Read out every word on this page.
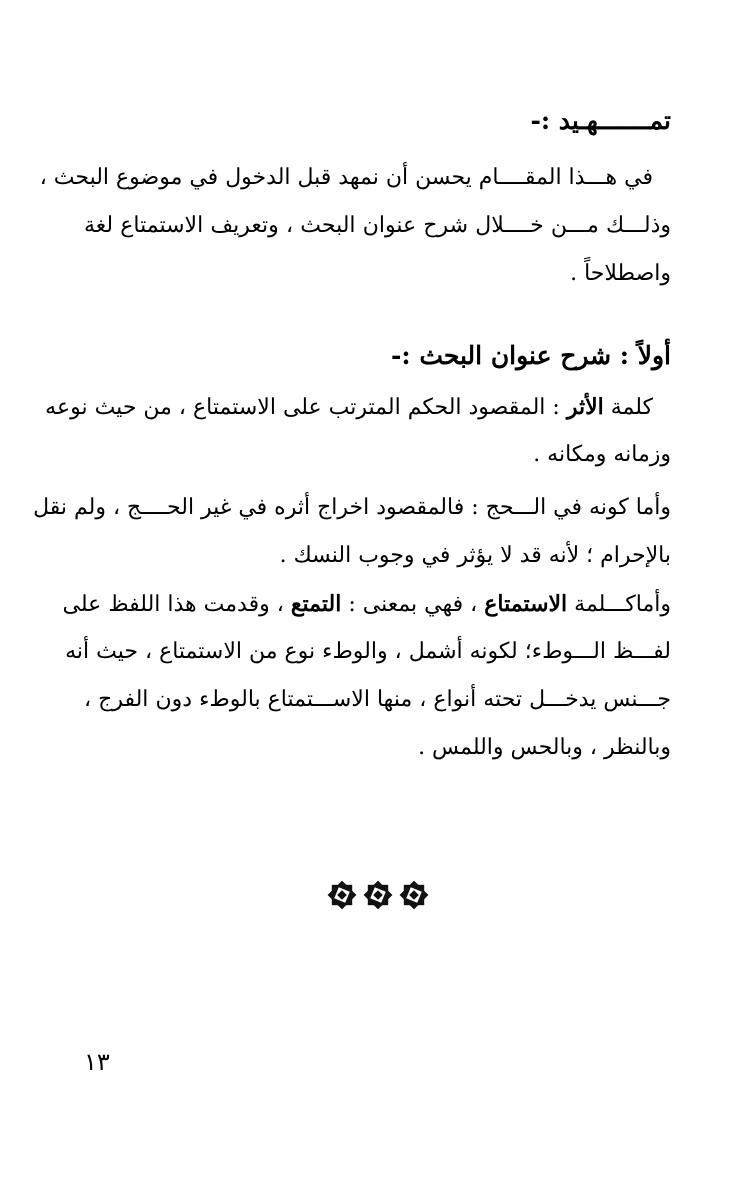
تمـــــــهـيد :-
في هـــذا المقــــام يحسن أن نمهد قبل الدخول في موضوع البحث ،
وذلـــك مـــن خــــلال شرح عنوان البحث ، وتعريف الاستمتاع لغة
واصطلاحاً .
أولاً : شرح عنوان البحث :-
كلمة الأثر : المقصود الحكم المترتب على الاستمتاع ، من حيث نوعه
وزمانه ومكانه .
وأما كونه في الـــحج : فالمقصود اخراج أثره في غير الحــــج ، ولم نقل
بالإحرام ؛ لأنه قد لا يؤثر في وجوب النسك .
وأماكـــلمة الاستمتاع ، فهي بمعنى : التمتع ، وقدمت هذا اللفظ على
لفـــظ الـــوطء؛ لكونه أشمل ، والوطء نوع من الاستمتاع ، حيث أنه
جـــنس يدخـــل تحته أنواع ، منها الاســـتمتاع بالوطء دون الفرج ،
وبالنظر ، وبالحس واللمس .
١٣
